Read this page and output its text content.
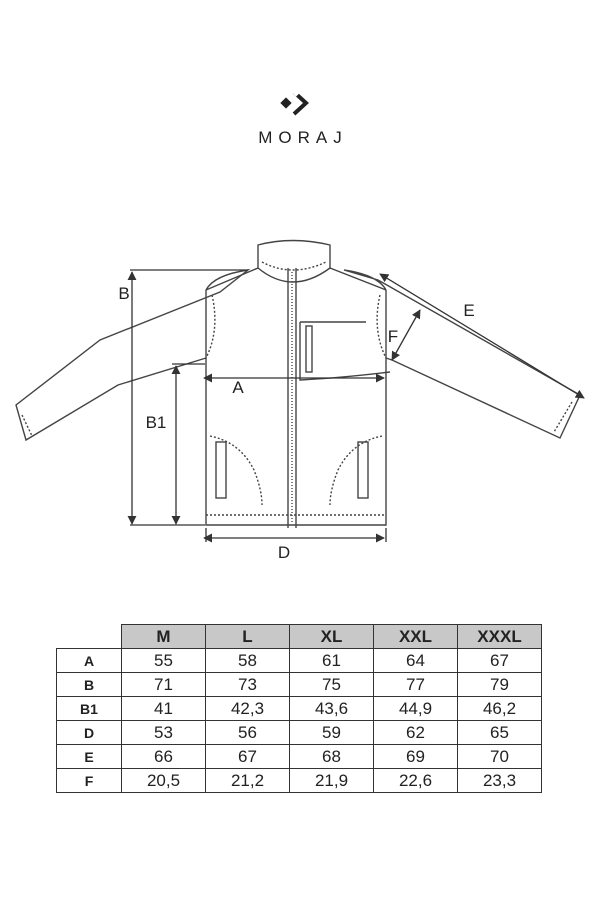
MORAJ
B
B1
A
D
E
F
	M	L	XL	XXL	XXXL
A	55	58	61	64	67
B	71	73	75	77	79
B1	41	42,3	43,6	44,9	46,2
D	53	56	59	62	65
E	66	67	68	69	70
F	20,5	21,2	21,9	22,6	23,3
